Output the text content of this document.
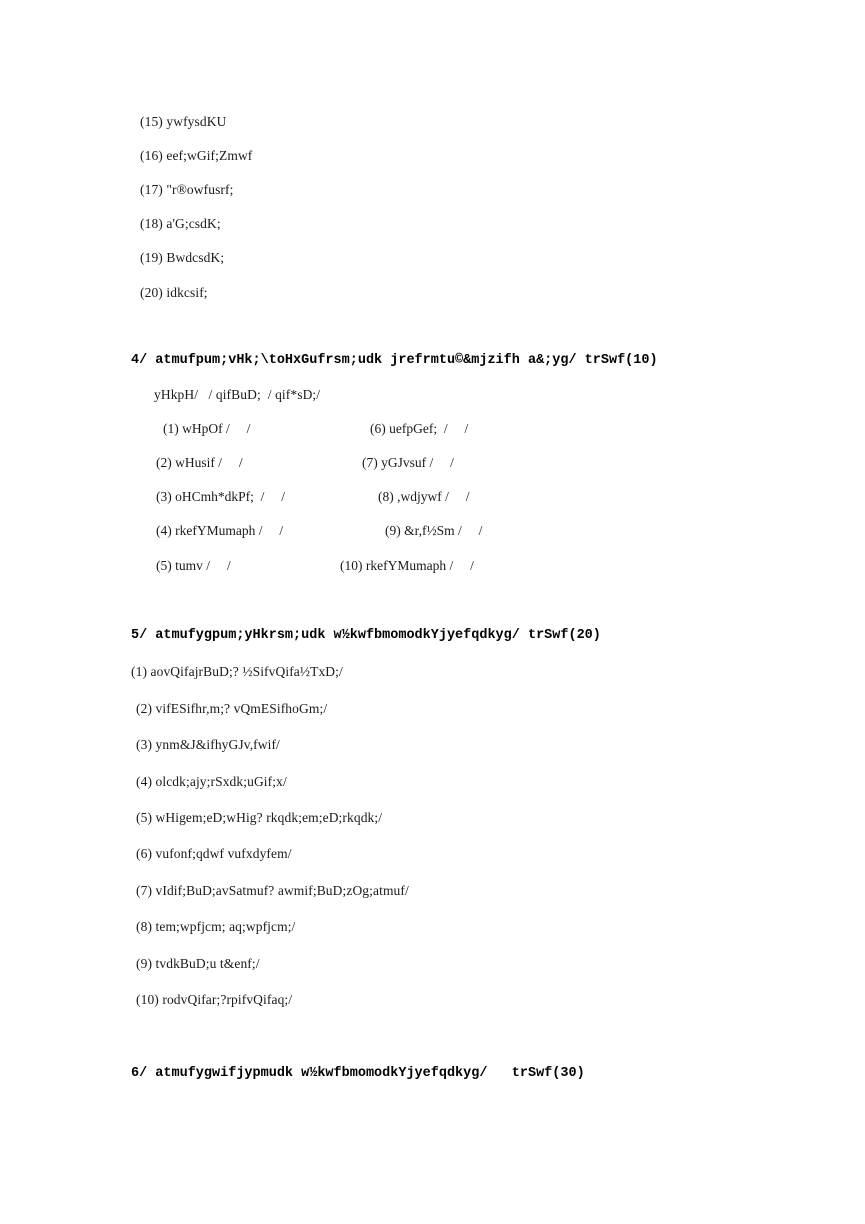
(15) ywfysdKU
(16) eef;wGif;Zmwf
(17) "r®owfusrf;
(18) a'G;csdK;
(19) BwdcsdK;
(20) idkcsif;
4/ atmufpum;vHk;\toHxGufrsm;udk jrefrmtu©&mjzifh a&;yg/ trSwf(10)
yHkpH/   / qifBuD;  / qif*sD;/
(1) wHpOf /     /	(6) uefpGef;  /     /
(2) wHusif /     /	(7) yGJvsuf /     /
(3) oHCmh*dkPf;  /     /	(8) ,wdjywf /     /
(4) rkefYMumaph /     /	(9) &r,f½Sm /     /
(5) tumv /     /	(10) rkefYMumaph /     /
5/ atmufygpum;yHkrsm;udk w½kwfbmomodkYjyefqdkyg/ trSwf(20)
(1) aovQifajrBuD;? ½SifvQifa½TxD;/
(2) vifESifhr,m;? vQmESifhoGm;/
(3) ynm&J&ifhyGJv,fwif/
(4) olcdk;ajy;rSxdk;uGif;x/
(5) wHigem;eD;wHig? rkqdk;em;eD;rkqdk;/
(6) vufonf;qdwf vufxdyfem/
(7) vIdif;BuD;avSatmuf? awmif;BuD;zOg;atmuf/
(8) tem;wpfjcm; aq;wpfjcm;/
(9) tvdkBuD;u t&enf;/
(10) rodvQifar;?rpifvQifaq;/
6/ atmufygwifjypmudk w½kwfbmomodkYjyefqdkyg/   trSwf(30)
